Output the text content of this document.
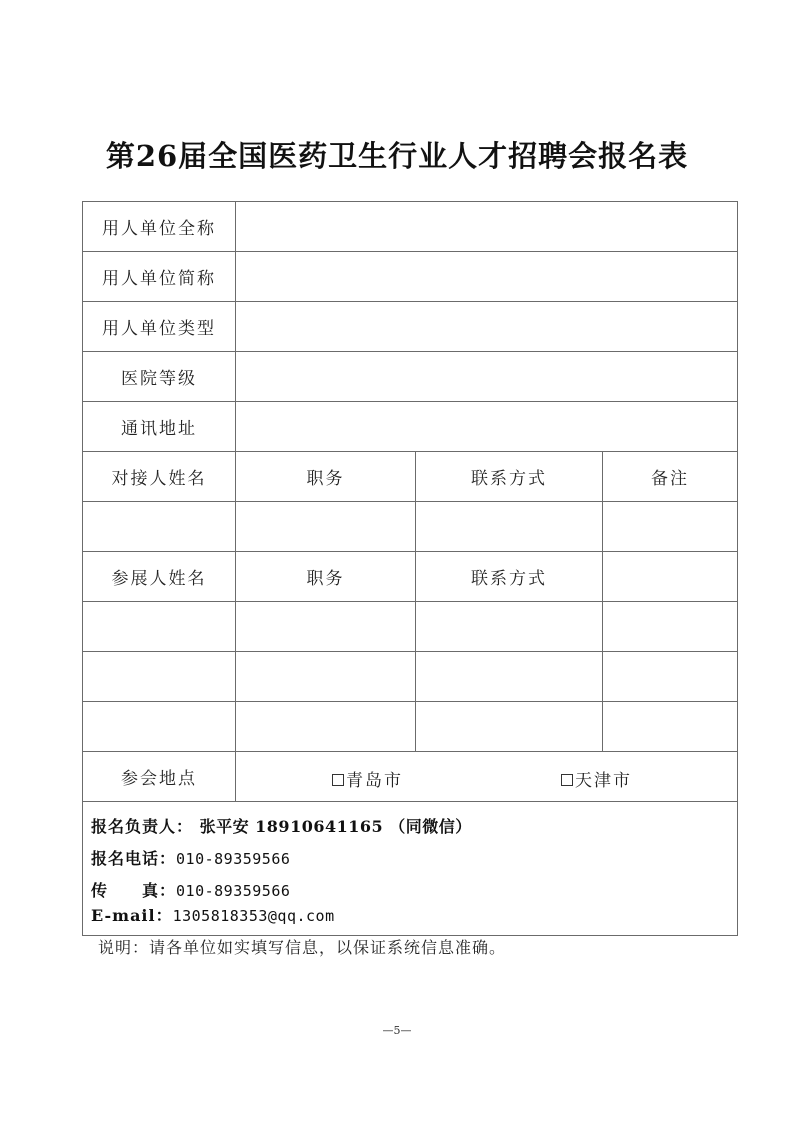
第26届全国医药卫生行业人才招聘会报名表
用人单位全称			
用人单位简称			
用人单位类型			
医院等级			
通讯地址			
对接人姓名	职务	联系方式	备注

参展人姓名	职务	联系方式	

参会地点	青岛市 天津市		

报名负责人： 张平安 18910641165 （同微信）
报名电话：010-89359566
传　　真：010-89359566
E-mail：1305818353@qq.com			
说明：请各单位如实填写信息，以保证系统信息准确。
—5—
